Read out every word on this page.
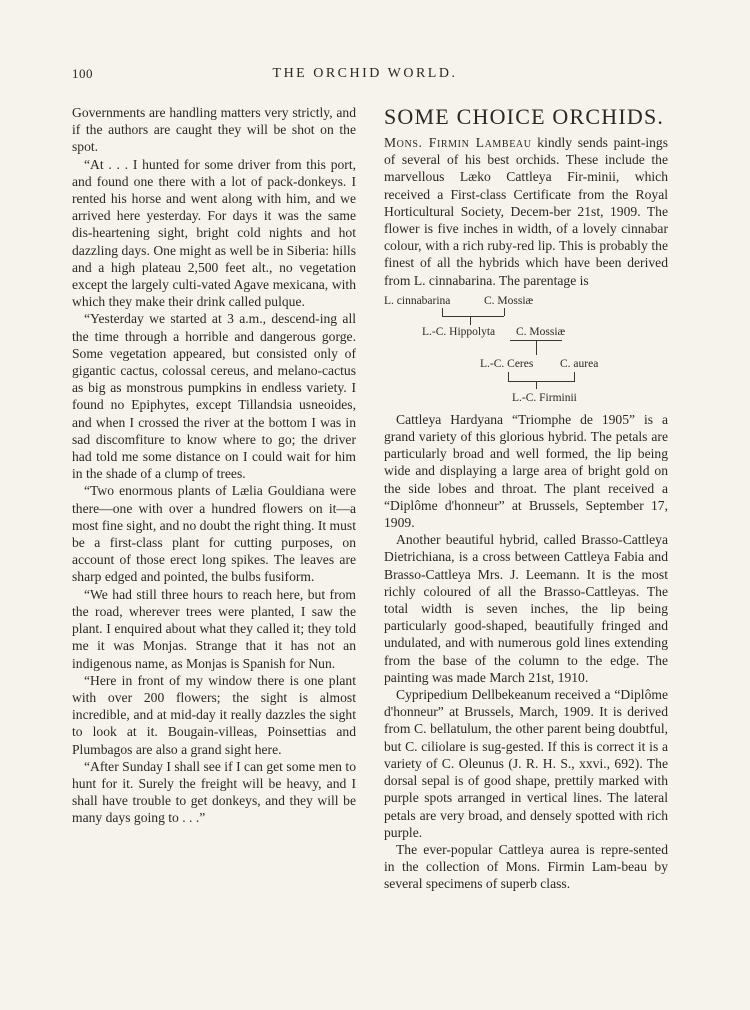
100	THE ORCHID WORLD.

Governments are handling matters very strictly, and if the authors are caught they will be shot on the spot.

“At . . . I hunted for some driver from this port, and found one there with a lot of pack-donkeys. I rented his horse and went along with him, and we arrived here yesterday. For days it was the same dis-heartening sight, bright cold nights and hot dazzling days. One might as well be in Siberia: hills and a high plateau 2,500 feet alt., no vegetation except the largely culti-vated Agave mexicana, with which they make their drink called pulque.

“Yesterday we started at 3 a.m., descend-ing all the time through a horrible and dangerous gorge. Some vegetation appeared, but consisted only of gigantic cactus, colossal cereus, and melano-cactus as big as monstrous pumpkins in endless variety. I found no Epiphytes, except Tillandsia usneoides, and when I crossed the river at the bottom I was in sad discomfiture to know where to go; the driver had told me some distance on I could wait for him in the shade of a clump of trees.

“Two enormous plants of Lælia Gouldiana were there—one with over a hundred flowers on it—a most fine sight, and no doubt the right thing. It must be a first-class plant for cutting purposes, on account of those erect long spikes. The leaves are sharp edged and pointed, the bulbs fusiform.

“We had still three hours to reach here, but from the road, wherever trees were planted, I saw the plant. I enquired about what they called it; they told me it was Monjas. Strange that it has not an indigenous name, as Monjas is Spanish for Nun.

“Here in front of my window there is one plant with over 200 flowers; the sight is almost incredible, and at mid-day it really dazzles the sight to look at it. Bougain-villeas, Poinsettias and Plumbagos are also a grand sight here.

“After Sunday I shall see if I can get some men to hunt for it. Surely the freight will be heavy, and I shall have trouble to get donkeys, and they will be many days going to . . .”

SOME CHOICE ORCHIDS.

Mons. Firmin Lambeau kindly sends paint-ings of several of his best orchids. These include the marvellous Læko Cattleya Fir-minii, which received a First-class Certificate from the Royal Horticultural Society, Decem-ber 21st, 1909. The flower is five inches in width, of a lovely cinnabar colour, with a rich ruby-red lip. This is probably the finest of all the hybrids which have been derived from L. cinnabarina. The parentage is

L. cinnabarina	C. Mossiæ
L.-C. Hippolyta C. Mossiæ
L.-C. Ceres C. aurea
L.-C. Firminii

Cattleya Hardyana “Triomphe de 1905” is a grand variety of this glorious hybrid. The petals are particularly broad and well formed, the lip being wide and displaying a large area of bright gold on the side lobes and throat. The plant received a “Diplôme d'honneur” at Brussels, September 17, 1909.

Another beautiful hybrid, called Brasso-Cattleya Dietrichiana, is a cross between Cattleya Fabia and Brasso-Cattleya Mrs. J. Leemann. It is the most richly coloured of all the Brasso-Cattleyas. The total width is seven inches, the lip being particularly good-shaped, beautifully fringed and undulated, and with numerous gold lines extending from the base of the column to the edge. The painting was made March 21st, 1910.

Cypripedium Dellbekeanum received a “Diplôme d'honneur” at Brussels, March, 1909. It is derived from C. bellatulum, the other parent being doubtful, but C. ciliolare is sug-gested. If this is correct it is a variety of C. Oleunus (J. R. H. S., xxvi., 692). The dorsal sepal is of good shape, prettily marked with purple spots arranged in vertical lines. The lateral petals are very broad, and densely spotted with rich purple.

The ever-popular Cattleya aurea is repre-sented in the collection of Mons. Firmin Lam-beau by several specimens of superb class.
